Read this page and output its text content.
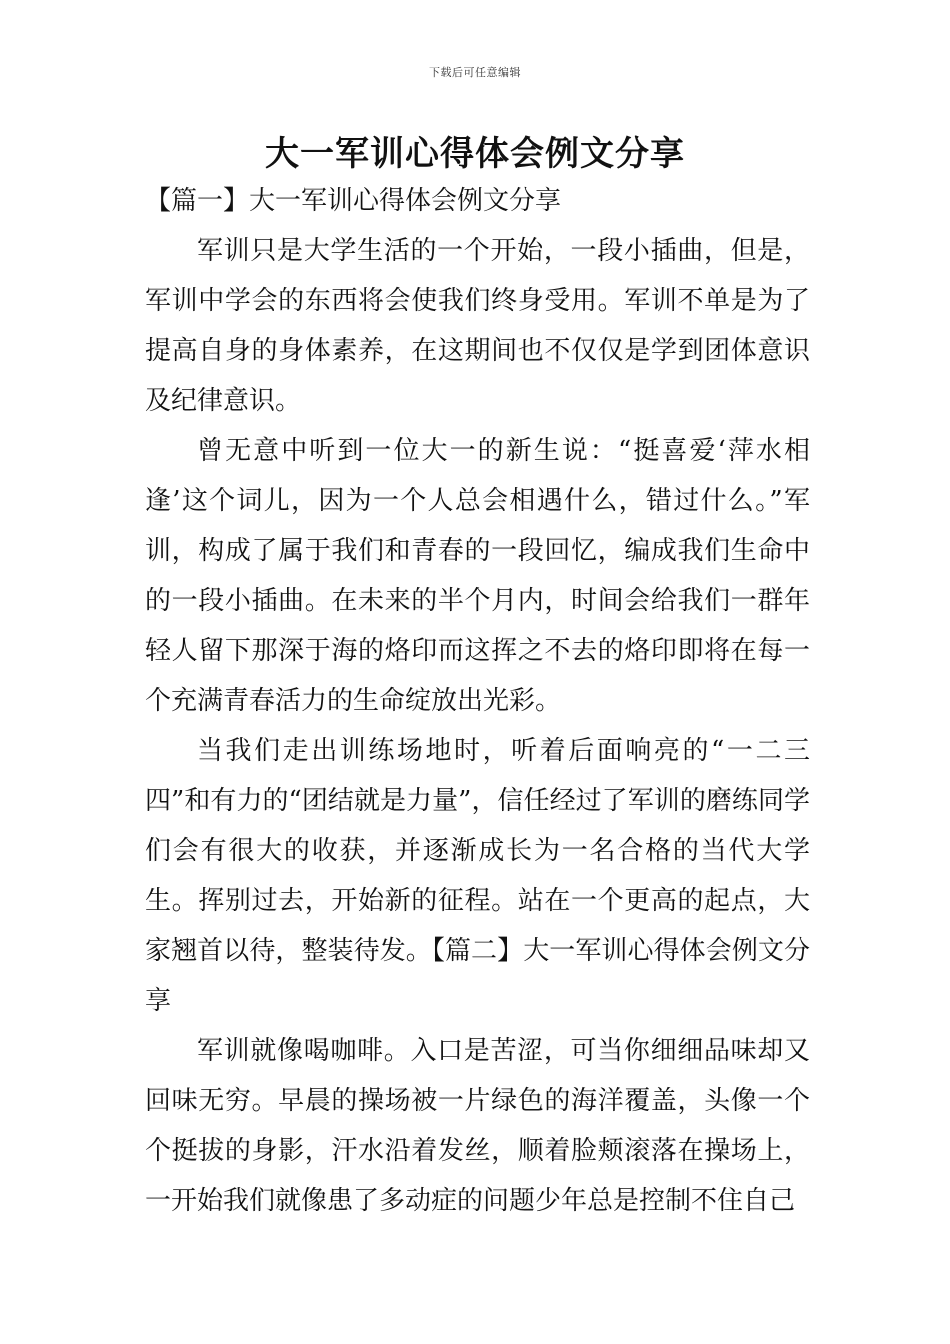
下载后可任意编辑
大一军训心得体会例文分享

【篇一】大一军训心得体会例文分享

军训只是大学生活的一个开始，一段小插曲，但是，军训中学会的东西将会使我们终身受用。军训不单是为了提高自身的身体素养，在这期间也不仅仅是学到团体意识及纪律意识。

曾无意中听到一位大一的新生说：“挺喜爱‘萍水相逢’这个词儿，因为一个人总会相遇什么，错过什么。”军训，构成了属于我们和青春的一段回忆，编成我们生命中的一段小插曲。在未来的半个月内，时间会给我们一群年轻人留下那深于海的烙印而这挥之不去的烙印即将在每一个充满青春活力的生命绽放出光彩。

当我们走出训练场地时，听着后面响亮的“一二三四”和有力的“团结就是力量”，信任经过了军训的磨练同学们会有很大的收获，并逐渐成长为一名合格的当代大学生。挥别过去，开始新的征程。站在一个更高的起点，大家翘首以待，整装待发。【篇二】大一军训心得体会例文分享

军训就像喝咖啡。入口是苦涩，可当你细细品味却又回味无穷。早晨的操场被一片绿色的海洋覆盖，头像一个个挺拔的身影，汗水沿着发丝，顺着脸颊滚落在操场上，一开始我们就像患了多动症的问题少年总是控制不住自己
